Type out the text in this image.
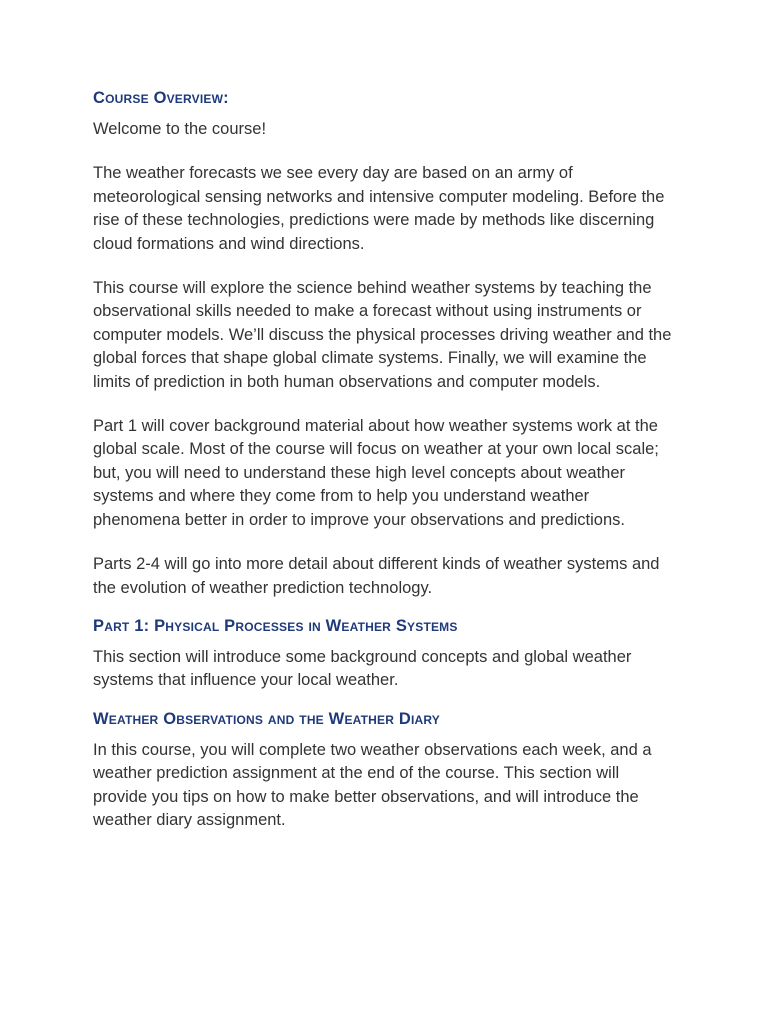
Course Overview:

Welcome to the course!

The weather forecasts we see every day are based on an army of meteorological sensing networks and intensive computer modeling. Before the rise of these technologies, predictions were made by methods like discerning cloud formations and wind directions.

This course will explore the science behind weather systems by teaching the observational skills needed to make a forecast without using instruments or computer models. We’ll discuss the physical processes driving weather and the global forces that shape global climate systems. Finally, we will examine the limits of prediction in both human observations and computer models.

Part 1 will cover background material about how weather systems work at the global scale. Most of the course will focus on weather at your own local scale; but, you will need to understand these high level concepts about weather systems and where they come from to help you understand weather phenomena better in order to improve your observations and predictions.

Parts 2-4 will go into more detail about different kinds of weather systems and the evolution of weather prediction technology.

Part 1: Physical Processes in Weather Systems

This section will introduce some background concepts and global weather systems that influence your local weather.

Weather Observations and the Weather Diary

In this course, you will complete two weather observations each week, and a weather prediction assignment at the end of the course. This section will provide you tips on how to make better observations, and will introduce the weather diary assignment.
